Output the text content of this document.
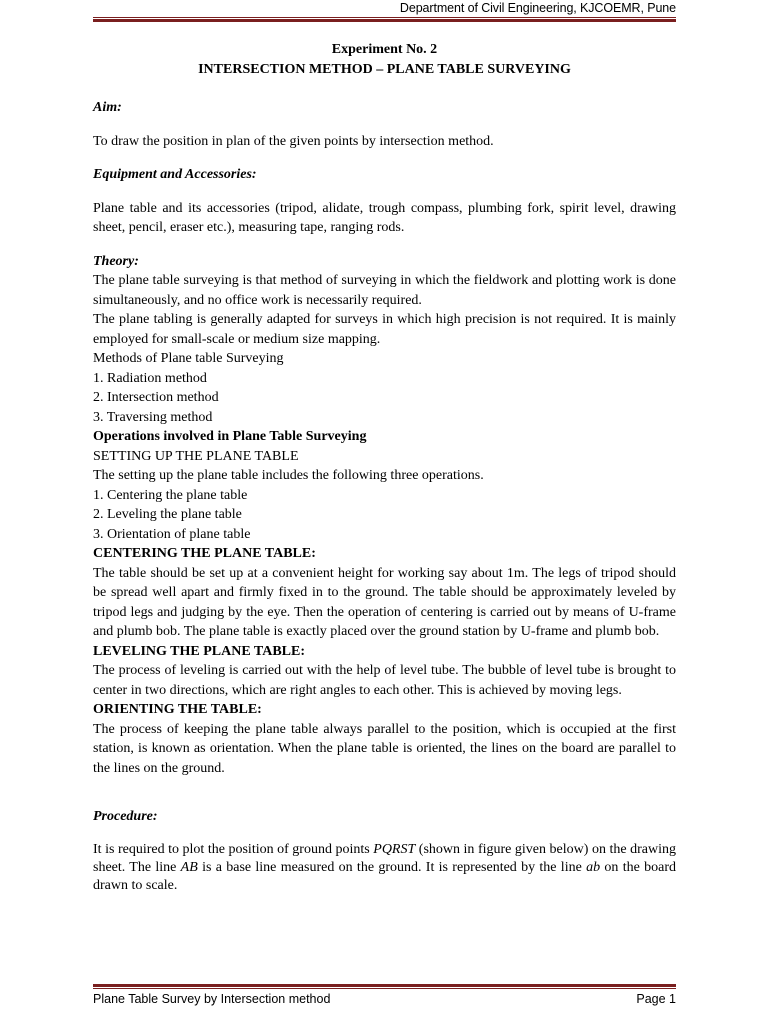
Department of Civil Engineering, KJCOEMR, Pune

Experiment No. 2

INTERSECTION METHOD – PLANE TABLE SURVEYING

Aim:

To draw the position in plan of the given points by intersection method.

Equipment and Accessories:

Plane table and its accessories (tripod, alidate, trough compass, plumbing fork, spirit level, drawing sheet, pencil, eraser etc.), measuring tape, ranging rods.

Theory:

The plane table surveying is that method of surveying in which the fieldwork and plotting work is done simultaneously, and no office work is necessarily required.

The plane tabling is generally adapted for surveys in which high precision is not required. It is mainly employed for small-scale or medium size mapping.

Methods of Plane table Surveying

1. Radiation method

2. Intersection method

3. Traversing method

Operations involved in Plane Table Surveying

SETTING UP THE PLANE TABLE

The setting up the plane table includes the following three operations.

1. Centering the plane table

2. Leveling the plane table

3. Orientation of plane table

CENTERING THE PLANE TABLE:

The table should be set up at a convenient height for working say about 1m. The legs of tripod should be spread well apart and firmly fixed in to the ground. The table should be approximately leveled by tripod legs and judging by the eye. Then the operation of centering is carried out by means of U-frame and plumb bob. The plane table is exactly placed over the ground station by U-frame and plumb bob.

LEVELING THE PLANE TABLE:

The process of leveling is carried out with the help of level tube. The bubble of level tube is brought to center in two directions, which are right angles to each other. This is achieved by moving legs.

ORIENTING THE TABLE:

The process of keeping the plane table always parallel to the position, which is occupied at the first station, is known as orientation. When the plane table is oriented, the lines on the board are parallel to the lines on the ground.

Procedure:

It is required to plot the position of ground points PQRST (shown in figure given below) on the drawing sheet. The line AB is a base line measured on the ground. It is represented by the line ab on the board drawn to scale.

Plane Table Survey by Intersection method	Page 1
